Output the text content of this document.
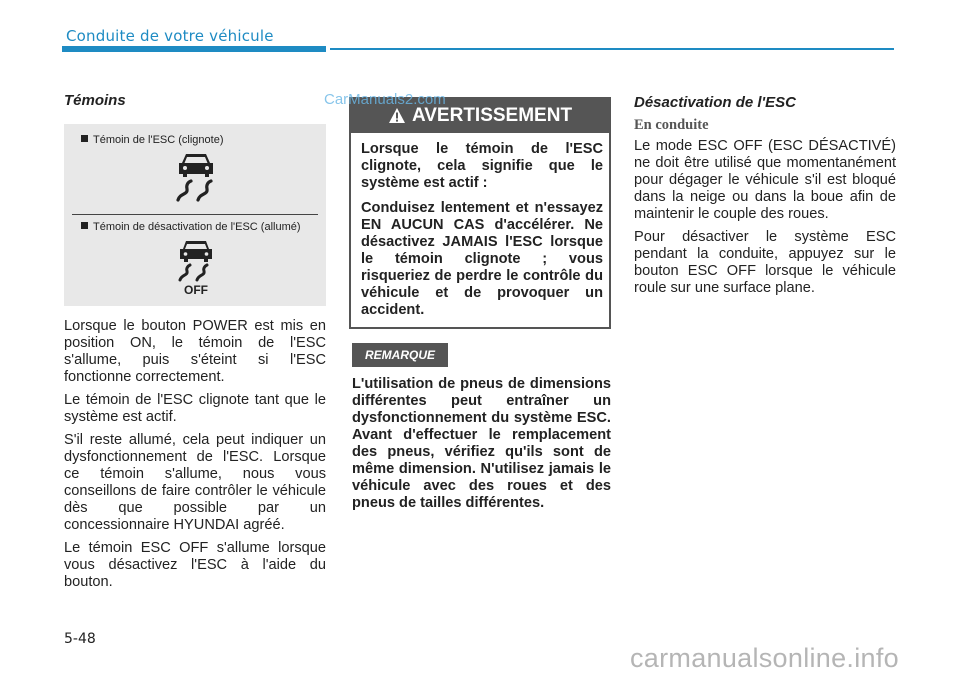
Conduite de votre véhicule
Témoins
Témoin de l'ESC (clignote)
Témoin de désactivation de l'ESC (allumé)
OFF

Lorsque le bouton POWER est mis en position ON, le témoin de l'ESC s'allume, puis s'éteint si l'ESC fonctionne correctement.

Le témoin de l'ESC clignote tant que le système est actif.

S'il reste allumé, cela peut indiquer un dysfonctionnement de l'ESC. Lorsque ce témoin s'allume, nous vous conseillons de faire contrôler le véhicule dès que possible par un concessionnaire HYUNDAI agréé.

Le témoin ESC OFF s'allume lorsque vous désactivez l'ESC à l'aide du bouton.

AVERTISSEMENT

Lorsque le témoin de l'ESC clignote, cela signifie que le système est actif :

Conduisez lentement et n'essayez EN AUCUN CAS d'accélérer. Ne désactivez JAMAIS l'ESC lorsque le témoin clignote ; vous risqueriez de perdre le contrôle du véhicule et de provoquer un accident.

REMARQUE
L'utilisation de pneus de dimensions différentes peut entraîner un dysfonctionnement du système ESC. Avant d'effectuer le remplacement des pneus, vérifiez qu'ils sont de même dimension. N'utilisez jamais le véhicule avec des roues et des pneus de tailles différentes.
Désactivation de l'ESC
En conduite

Le mode ESC OFF (ESC DÉSACTIVÉ) ne doit être utilisé que momentanément pour dégager le véhicule s'il est bloqué dans la neige ou dans la boue afin de maintenir le couple des roues.

Pour désactiver le système ESC pendant la conduite, appuyez sur le bouton ESC OFF lorsque le véhicule roule sur une surface plane.

5-48
CarManuals2.com
carmanualsonline.info
